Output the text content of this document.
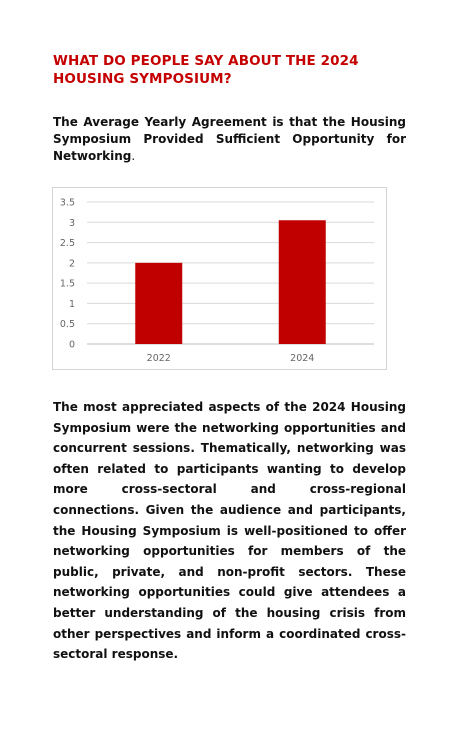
WHAT DO PEOPLE SAY ABOUT THE 2024 HOUSING SYMPOSIUM?

The Average Yearly Agreement is that the Housing Symposium Provided Sufficient Opportunity for Networking.

0
0.5
1
1.5
2
2.5
3
3.5
2022	2024

The most appreciated aspects of the 2024 Housing Symposium were the networking opportunities and concurrent sessions. Thematically, networking was often related to participants wanting to develop more cross-sectoral and cross-regional connections. Given the audience and participants, the Housing Symposium is well-positioned to offer networking opportunities for members of the public, private, and non-profit sectors. These networking opportunities could give attendees a better understanding of the housing crisis from other perspectives and inform a coordinated cross-sectoral response.
